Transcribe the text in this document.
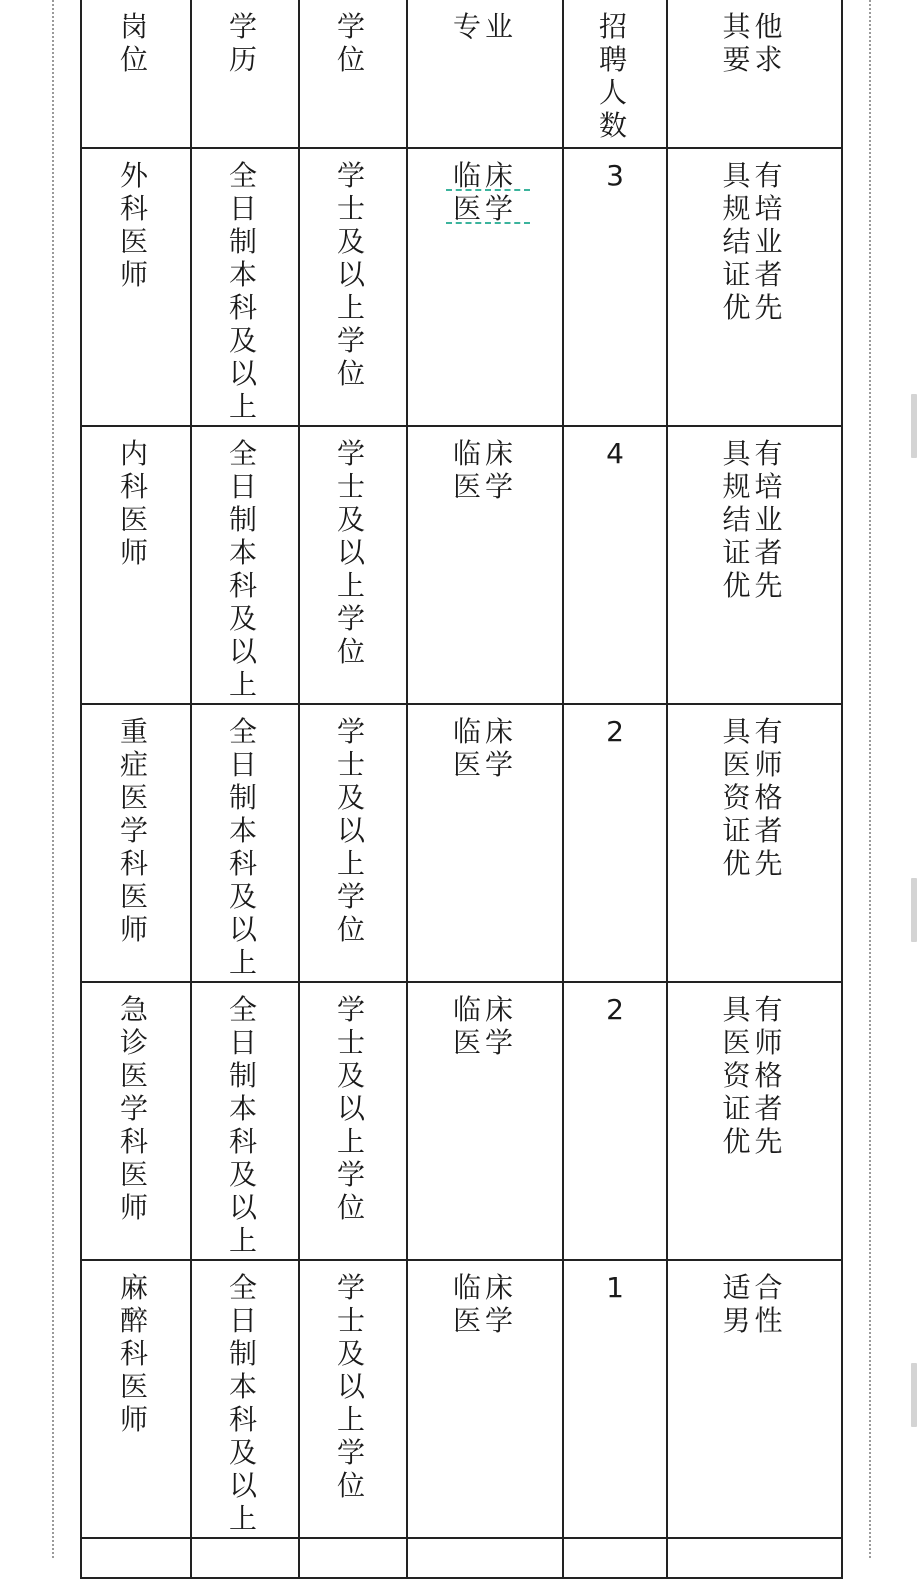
岗位	学历	学位	专业	招聘人数	其他要求

外科医师	全日制本科及以上	学士及以上学位	临床医学	3	具有规培结业证者优先

内科医师	全日制本科及以上	学士及以上学位	临床医学	4	具有规培结业证者优先

重症医学科医师	全日制本科及以上	学士及以上学位	临床医学	2	具有医师资格证者优先

急诊医学科医师	全日制本科及以上	学士及以上学位	临床医学	2	具有医师资格证者优先

麻醉科医师	全日制本科及以上	学士及以上学位	临床医学	1	适合男性
